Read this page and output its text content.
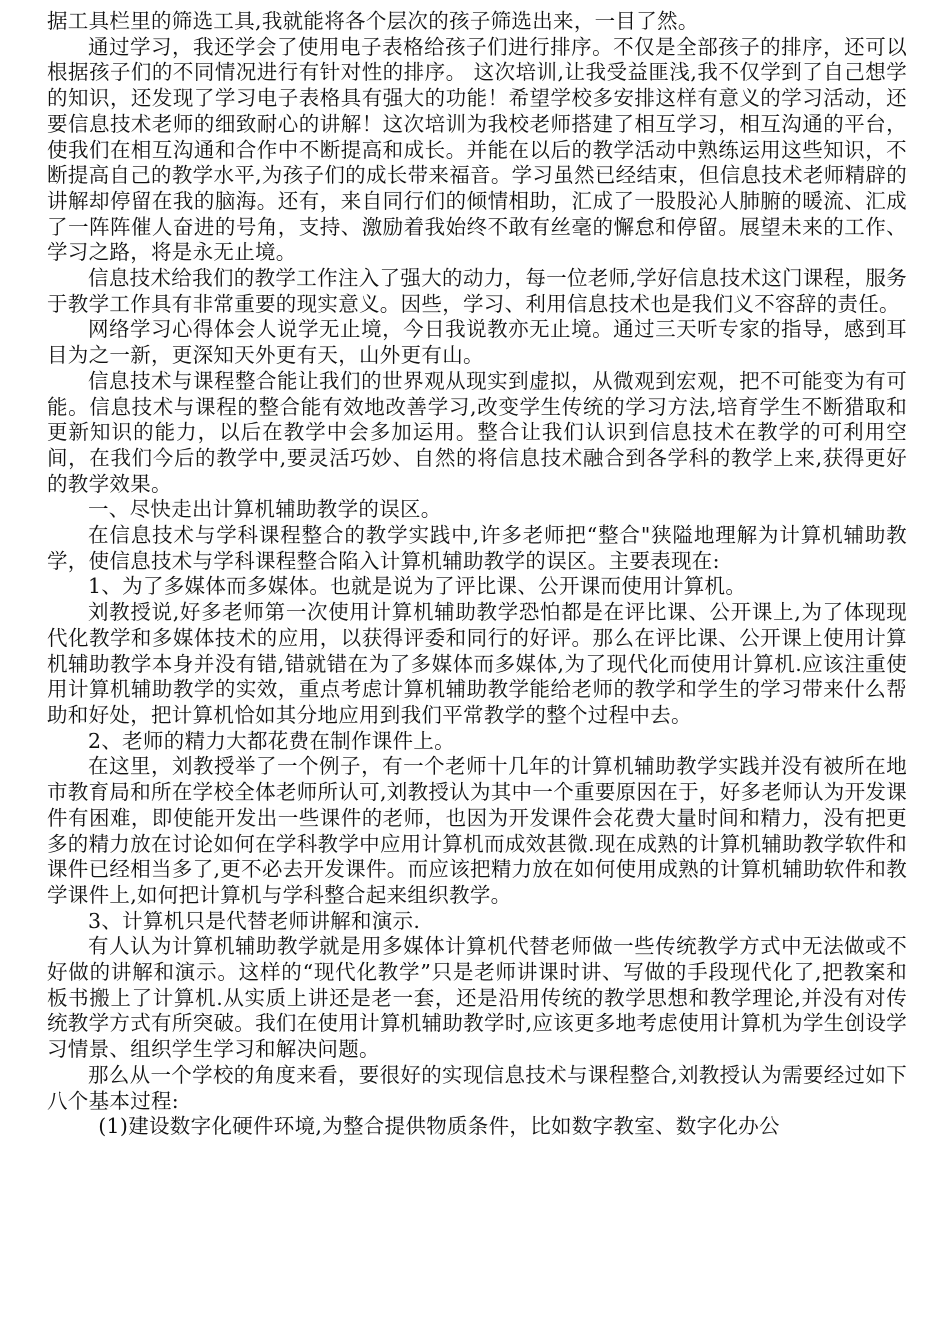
据工具栏里的筛选工具,我就能将各个层次的孩子筛选出来，一目了然。

通过学习，我还学会了使用电子表格给孩子们进行排序。不仅是全部孩子的排序，还可以根据孩子们的不同情况进行有针对性的排序。 这次培训,让我受益匪浅,我不仅学到了自己想学的知识，还发现了学习电子表格具有强大的功能！希望学校多安排这样有意义的学习活动，还要信息技术老师的细致耐心的讲解！这次培训为我校老师搭建了相互学习，相互沟通的平台，使我们在相互沟通和合作中不断提高和成长。并能在以后的教学活动中熟练运用这些知识，不断提高自己的教学水平,为孩子们的成长带来福音。学习虽然已经结束，但信息技术老师精辟的讲解却停留在我的脑海。还有，来自同行们的倾情相助，汇成了一股股沁人肺腑的暖流、汇成了一阵阵催人奋进的号角，支持、激励着我始终不敢有丝毫的懈怠和停留。展望未来的工作、学习之路，将是永无止境。

信息技术给我们的教学工作注入了强大的动力，每一位老师,学好信息技术这门课程，服务于教学工作具有非常重要的现实意义。因些，学习、利用信息技术也是我们义不容辞的责任。

网络学习心得体会人说学无止境，今日我说教亦无止境。通过三天听专家的指导，感到耳目为之一新，更深知天外更有天，山外更有山。

信息技术与课程整合能让我们的世界观从现实到虚拟，从微观到宏观，把不可能变为有可能。信息技术与课程的整合能有效地改善学习,改变学生传统的学习方法,培育学生不断猎取和更新知识的能力，以后在教学中会多加运用。整合让我们认识到信息技术在教学的可利用空间，在我们今后的教学中,要灵活巧妙、自然的将信息技术融合到各学科的教学上来,获得更好的教学效果。

一、尽快走出计算机辅助教学的误区。

在信息技术与学科课程整合的教学实践中,许多老师把“整合"狭隘地理解为计算机辅助教学，使信息技术与学科课程整合陷入计算机辅助教学的误区。主要表现在:

1、为了多媒体而多媒体。也就是说为了评比课、公开课而使用计算机。

刘教授说,好多老师第一次使用计算机辅助教学恐怕都是在评比课、公开课上,为了体现现代化教学和多媒体技术的应用，以获得评委和同行的好评。那么在评比课、公开课上使用计算机辅助教学本身并没有错,错就错在为了多媒体而多媒体,为了现代化而使用计算机.应该注重使用计算机辅助教学的实效，重点考虑计算机辅助教学能给老师的教学和学生的学习带来什么帮助和好处，把计算机恰如其分地应用到我们平常教学的整个过程中去。

2、老师的精力大都花费在制作课件上。

在这里，刘教授举了一个例子，有一个老师十几年的计算机辅助教学实践并没有被所在地市教育局和所在学校全体老师所认可,刘教授认为其中一个重要原因在于，好多老师认为开发课件有困难，即使能开发出一些课件的老师，也因为开发课件会花费大量时间和精力，没有把更多的精力放在讨论如何在学科教学中应用计算机而成效甚微.现在成熟的计算机辅助教学软件和课件已经相当多了,更不必去开发课件。而应该把精力放在如何使用成熟的计算机辅助软件和教学课件上,如何把计算机与学科整合起来组织教学。

3、计算机只是代替老师讲解和演示.

有人认为计算机辅助教学就是用多媒体计算机代替老师做一些传统教学方式中无法做或不好做的讲解和演示。这样的“现代化教学”只是老师讲课时讲、写做的手段现代化了,把教案和板书搬上了计算机.从实质上讲还是老一套，还是沿用传统的教学思想和教学理论,并没有对传统教学方式有所突破。我们在使用计算机辅助教学时,应该更多地考虑使用计算机为学生创设学习情景、组织学生学习和解决问题。

那么从一个学校的角度来看，要很好的实现信息技术与课程整合,刘教授认为需要经过如下八个基本过程:

(1)建设数字化硬件环境,为整合提供物质条件，比如数字教室、数字化办公
